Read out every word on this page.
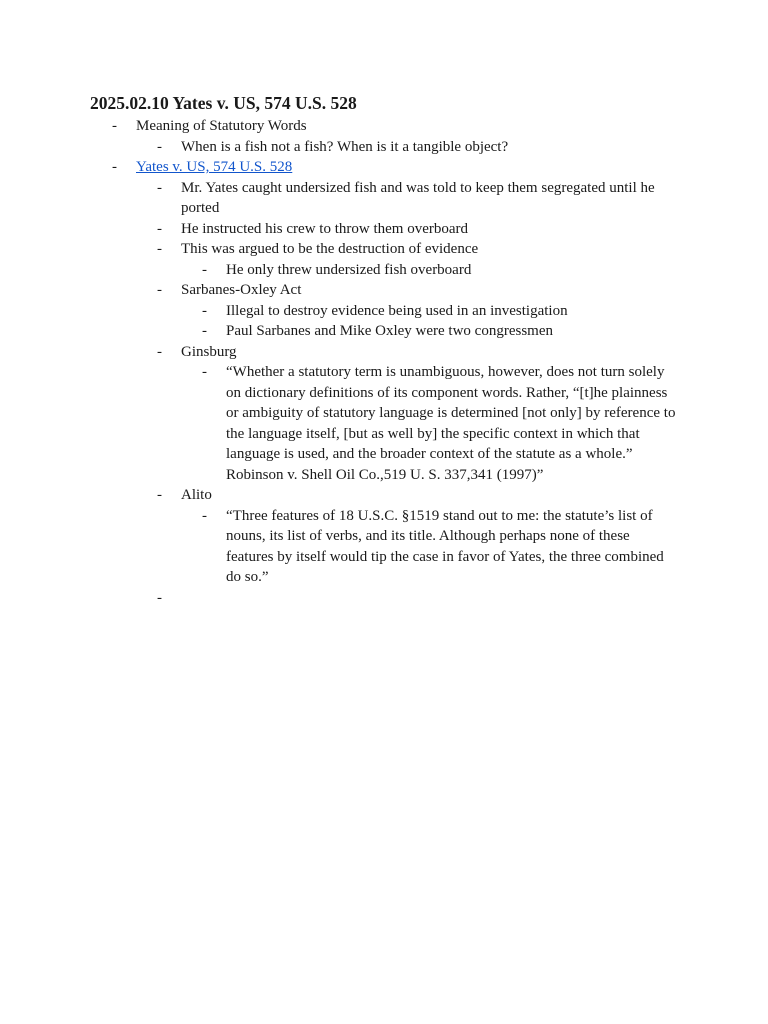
2025.02.10 Yates v. US, 574 U.S. 528
- Meaning of Statutory Words
- When is a fish not a fish? When is it a tangible object?
- Yates v. US, 574 U.S. 528
- Mr. Yates caught undersized fish and was told to keep them segregated until he ported
- He instructed his crew to throw them overboard
- This was argued to be the destruction of evidence
- He only threw undersized fish overboard
- Sarbanes-Oxley Act
- Illegal to destroy evidence being used in an investigation
- Paul Sarbanes and Mike Oxley were two congressmen
- Ginsburg
- “Whether a statutory term is unambiguous, however, does not turn solely on dictionary definitions of its component words. Rather, “[t]he plainness or ambiguity of statutory language is determined [not only] by reference to the language itself, [but as well by] the specific context in which that language is used, and the broader context of the statute as a whole.” Robinson v. Shell Oil Co.,519 U. S. 337,341 (1997)”
- Alito
- “Three features of 18 U.S.C. §1519 stand out to me: the statute’s list of nouns, its list of verbs, and its title. Although perhaps none of these features by itself would tip the case in favor of Yates, the three combined do so.”
-
